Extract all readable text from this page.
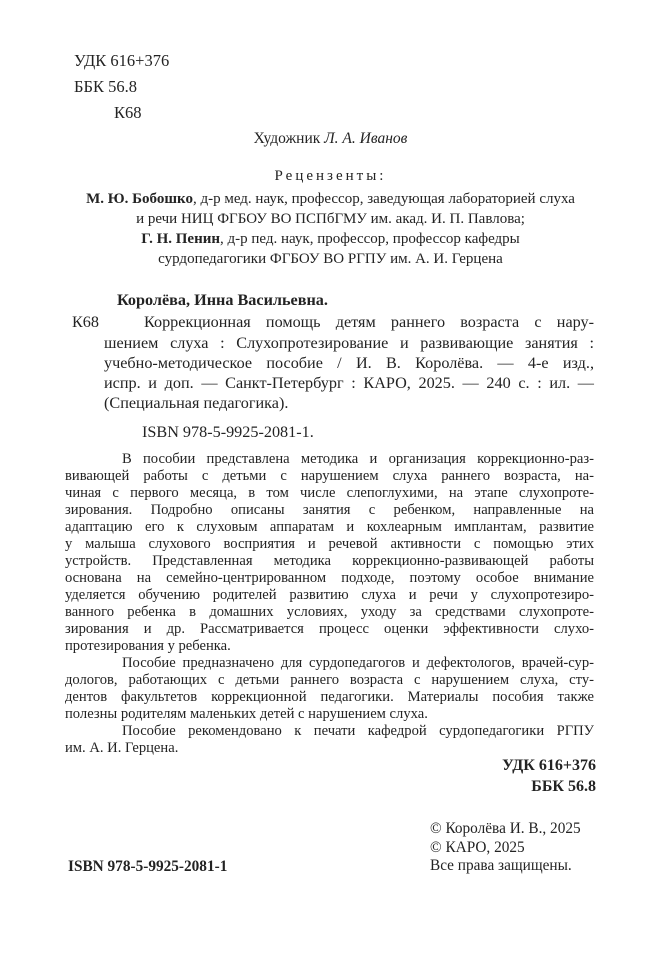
УДК 616+376
ББК 56.8
К68
Художник Л. А. Иванов
Рецензенты:
М. Ю. Бобошко, д-р мед. наук, профессор, заведующая лабораторией слуха
и речи НИЦ ФГБОУ ВО ПСПбГМУ им. акад. И. П. Павлова;
Г. Н. Пенин, д-р пед. наук, профессор, профессор кафедры
сурдопедагогики ФГБОУ ВО РГПУ им. А. И. Герцена
Королёва, Инна Васильевна.
К68	Коррекционная помощь детям раннего возраста с нару-
шением слуха : Слухопротезирование и развивающие занятия :
учебно-методическое пособие / И. В. Королёва. — 4-е изд.,
испр. и доп. — Санкт-Петербург : КАРО, 2025. — 240 с. : ил. —
(Специальная педагогика).
ISBN 978-5-9925-2081-1.
В пособии представлена методика и организация коррекционно-раз-
вивающей работы с детьми с нарушением слуха раннего возраста, на-
чиная с первого месяца, в том числе слепоглухими, на этапе слухопроте-
зирования. Подробно описаны занятия с ребенком, направленные на
адаптацию его к слуховым аппаратам и кохлеарным имплантам, развитие
у малыша слухового восприятия и речевой активности с помощью этих
устройств. Представленная методика коррекционно-развивающей работы
основана на семейно-центрированном подходе, поэтому особое внимание
уделяется обучению родителей развитию слуха и речи у слухопротезиро-
ванного ребенка в домашних условиях, уходу за средствами слухопроте-
зирования и др. Рассматривается процесс оценки эффективности слухо-
протезирования у ребенка.
Пособие предназначено для сурдопедагогов и дефектологов, врачей-сур-
дологов, работающих с детьми раннего возраста с нарушением слуха, сту-
дентов факультетов коррекционной педагогики. Материалы пособия также
полезны родителям маленьких детей с нарушением слуха.
Пособие рекомендовано к печати кафедрой сурдопедагогики РГПУ
им. А. И. Герцена.
УДК 616+376
ББК 56.8
© Королёва И. В., 2025
© КАРО, 2025
Все права защищены.
ISBN 978-5-9925-2081-1
